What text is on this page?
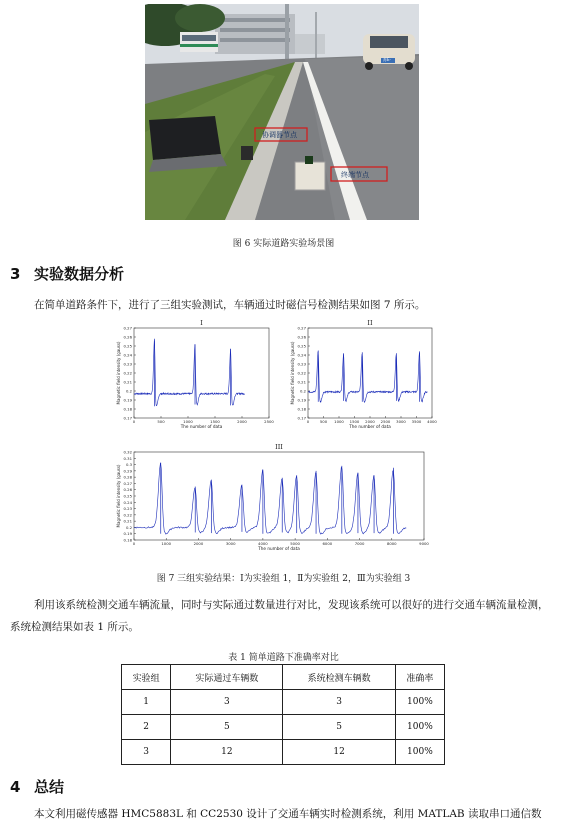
协调器节点
终端节点
苏E·
图 6 实际道路实验场景图
3 实验数据分析
在简单道路条件下，进行了三组实验测试，车辆通过时磁信号检测结果如图 7 所示。
0.17
0.18
0.19
0.2
0.21
0.22
0.23
0.24
0.25
0.26
0.27
0	500	1000	1500	2000	2500
I
The number of data
Magnetic field intensity (gauss)
0.17
0.18
0.19
0.2
0.21
0.22
0.23
0.24
0.25
0.26
0.27
0	500 1000 1500 2000 2500 3000 3500 4000
II
The number of data
Magnetic field intensity (gauss)
0.18
0.19
0.2
0.21
0.22
0.23
0.24
0.25
0.26
0.27
0.28
0.29
0.3
0.31
0.32
0	1000	2000	3000	4000	5000	6000	7000	8000	9000
III
The number of data
Magnetic field intensity (gauss)
图 7 三组实验结果：Ⅰ为实验组 1，Ⅱ为实验组 2，Ⅲ为实验组 3
利用该系统检测交通车辆流量，同时与实际通过数量进行对比，发现该系统可以很好的进行交通车辆流量检测，系统检测结果如表 1 所示。
表 1 简单道路下准确率对比
实验组	实际通过车辆数	系统检测车辆数	准确率
1	3	3	100%
2	5	5	100%
3	12	12	100%
4 总结
本文利用磁传感器 HMC5883L 和 CC2530 设计了交通车辆实时检测系统，利用 MATLAB 读取串口通信数
